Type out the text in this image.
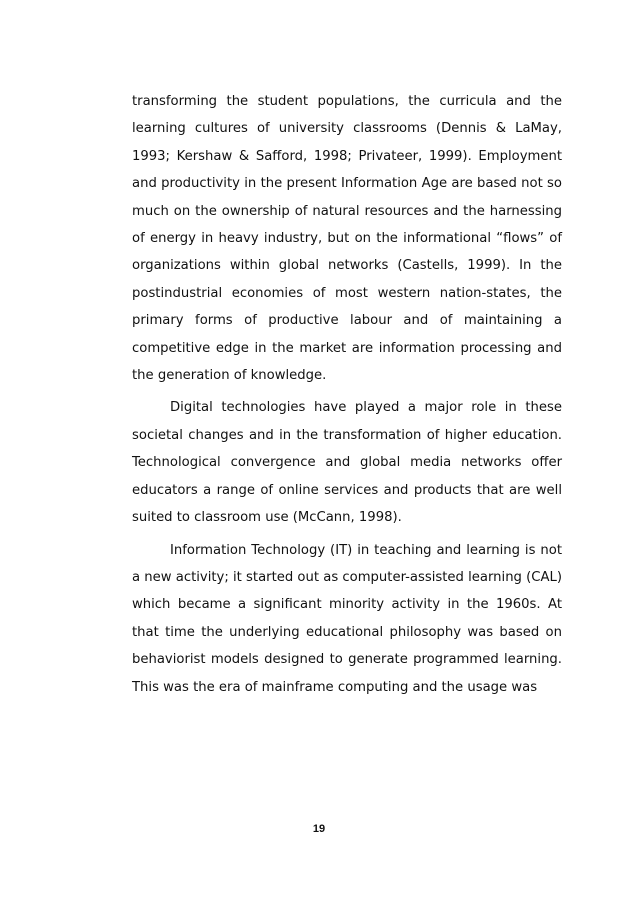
transforming the student populations, the curricula and the learning cultures of university classrooms (Dennis & LaMay, 1993; Kershaw & Safford, 1998; Privateer, 1999). Employment and productivity in the present Information Age are based not so much on the ownership of natural resources and the harnessing of energy in heavy industry, but on the informational “flows” of organizations within global networks (Castells, 1999). In the postindustrial economies of most western nation-states, the primary forms of productive labour and of maintaining a competitive edge in the market are information processing and the generation of knowledge.

Digital technologies have played a major role in these societal changes and in the transformation of higher education. Technological convergence and global media networks offer educators a range of online services and products that are well suited to classroom use (McCann, 1998).

Information Technology (IT) in teaching and learning is not a new activity; it started out as computer-assisted learning (CAL) which became a significant minority activity in the 1960s. At that time the underlying educational philosophy was based on behaviorist models designed to generate programmed learning. This was the era of mainframe computing and the usage was

19
